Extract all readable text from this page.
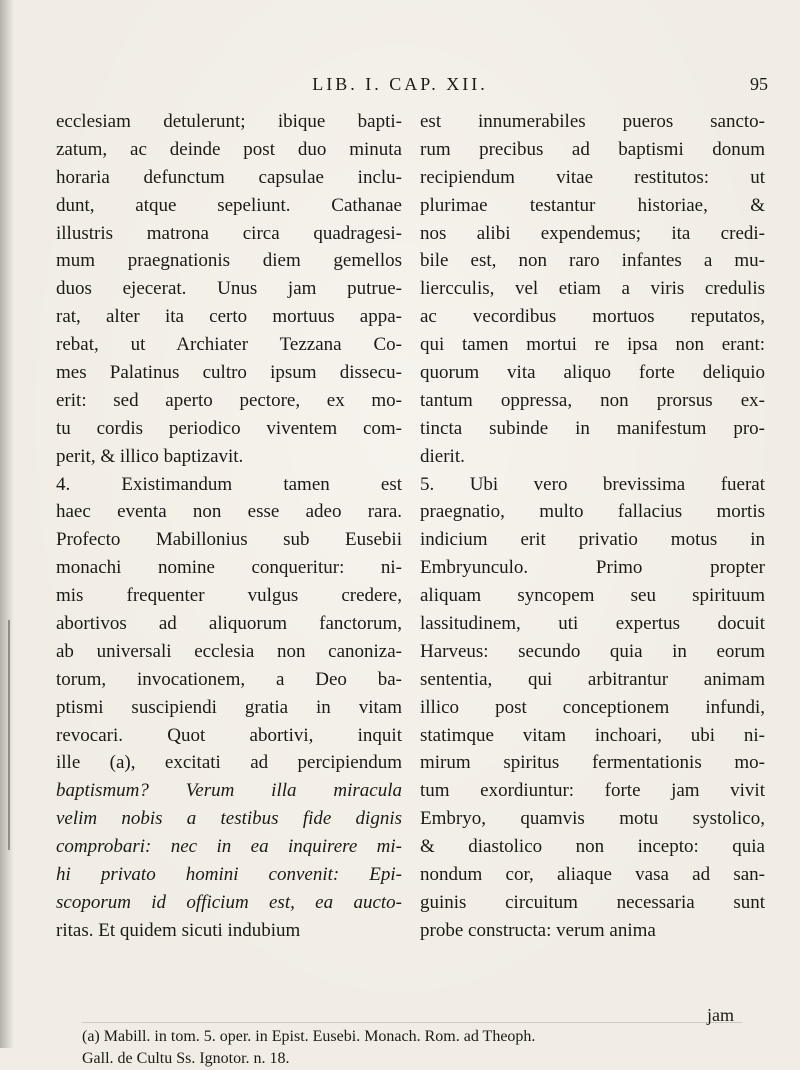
LIB. I. CAP. XII.	95
ecclesiam detulerunt; ibique bapti-
zatum, ac deinde post duo minuta
horaria defunctum capsulae inclu-
dunt, atque sepeliunt. Cathanae
illustris matrona circa quadragesi-
mum praegnationis diem gemellos
duos ejecerat. Unus jam putrue-
rat, alter ita certo mortuus appa-
rebat, ut Archiater Tezzana Co-
mes Palatinus cultro ipsum dissecu-
erit: sed aperto pectore, ex mo-
tu cordis periodico viventem com-
perit, & illico baptizavit.
4. Existimandum tamen est
haec eventa non esse adeo rara.
Profecto Mabillonius sub Eusebii
monachi nomine conqueritur: ni-
mis frequenter vulgus credere,
abortivos ad aliquorum fanctorum,
ab universali ecclesia non canoniza-
torum, invocationem, a Deo ba-
ptismi suscipiendi gratia in vitam
revocari. Quot abortivi, inquit
ille (a), excitati ad percipiendum
baptismum? Verum illa miracula
velim nobis a testibus fide dignis
comprobari: nec in ea inquirere mi-
hi privato homini convenit: Epi-
scoporum id officium est, ea aucto-
ritas. Et quidem sicuti indubium
est innumerabiles pueros sancto-
rum precibus ad baptismi donum
recipiendum vitae restitutos: ut
plurimae testantur historiae, &
nos alibi expendemus; ita credi-
bile est, non raro infantes a mu-
liercculis, vel etiam a viris credulis
ac vecordibus mortuos reputatos,
qui tamen mortui re ipsa non erant:
quorum vita aliquo forte deliquio
tantum oppressa, non prorsus ex-
tincta subinde in manifestum pro-
dierit.
5. Ubi vero brevissima fuerat
praegnatio, multo fallacius mortis
indicium erit privatio motus in
Embryunculo. Primo propter
aliquam syncopem seu spirituum
lassitudinem, uti expertus docuit
Harveus: secundo quia in eorum
sententia, qui arbitrantur animam
illico post conceptionem infundi,
statimque vitam inchoari, ubi ni-
mirum spiritus fermentationis mo-
tum exordiuntur: forte jam vivit
Embryo, quamvis motu systolico,
& diastolico non incepto: quia
nondum cor, aliaque vasa ad san-
guinis circuitum necessaria sunt
probe constructa: verum anima
jam
(a) Mabill. in tom. 5. oper. in Epist. Eusebi. Monach. Rom. ad Theoph.
Gall. de Cultu Ss. Ignotor. n. 18.
